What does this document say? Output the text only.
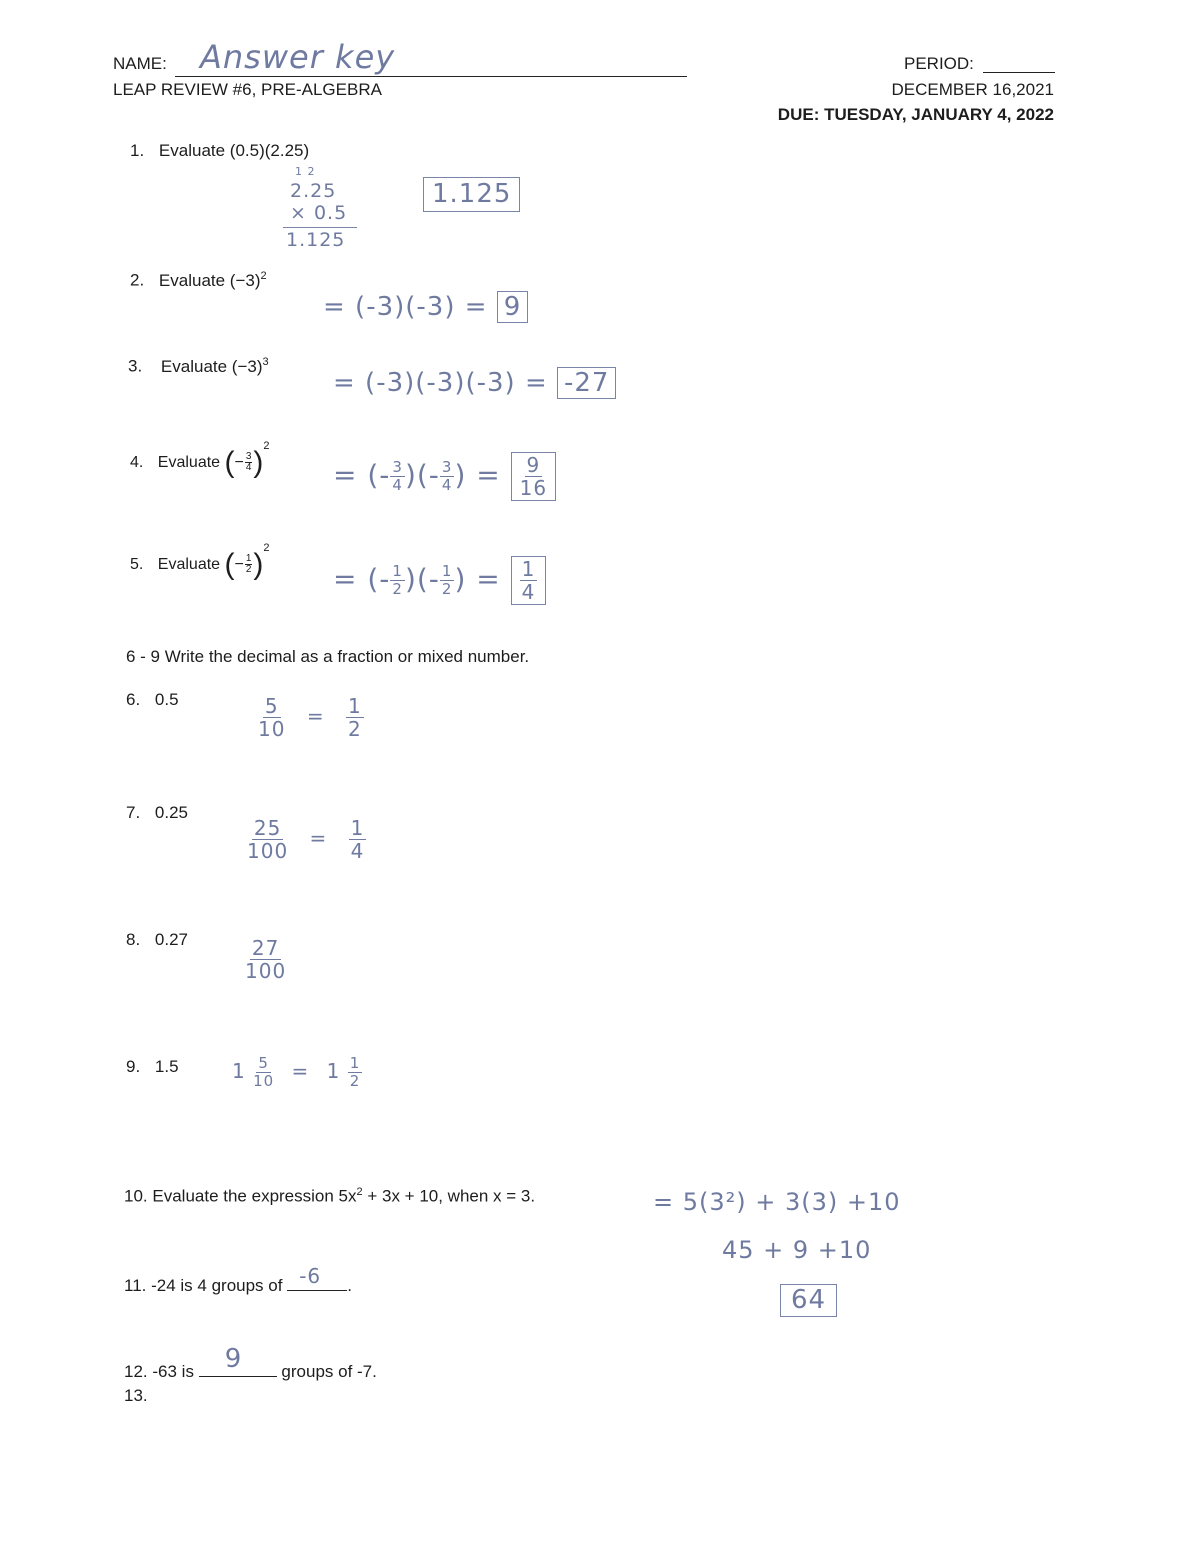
NAME: Answer key
LEAP REVIEW #6, PRE-ALGEBRA
PERIOD:
DECEMBER 16,2021
DUE: TUESDAY, JANUARY 4, 2022
1. Evaluate (0.5)(2.25)
1 2
2.25
× 0.5
1.125
1.125
2. Evaluate $(-3)^2$
= (-3)(-3) = 9
3. Evaluate $(-3)^3$
= (-3)(-3)(-3) = -27
4. Evaluate (− $\frac{3}{4} )^2$
= (- $\frac{3}{4}$ )(- $\frac{3}{4}$ ) = $\frac{9}{16}$
5. Evaluate (− $\frac{1}{2} )^2$
= (- $\frac{1}{2}$ )(- $\frac{1}{2}$ ) = $\frac{1}{4}$
6 - 9 Write the decimal as a fraction or mixed number.
6. 0.5	$\frac{5}{10} = \frac{1}{2}$
7. 0.25
$\frac{25}{100} = \frac{1}{4}$
8. 0.27	$\frac{27}{100}$
9. 1.5	$1 \frac{5}{10} = 1 \frac{1}{2}$
10. Evaluate the expression $5x^2 + 3x + 10$, when x = 3.	= 5(3²) + 3(3) +10
45 + 9 +10
64
11. -24 is 4 groups of -6 .
12. -63 is 9 groups of -7.
13.
